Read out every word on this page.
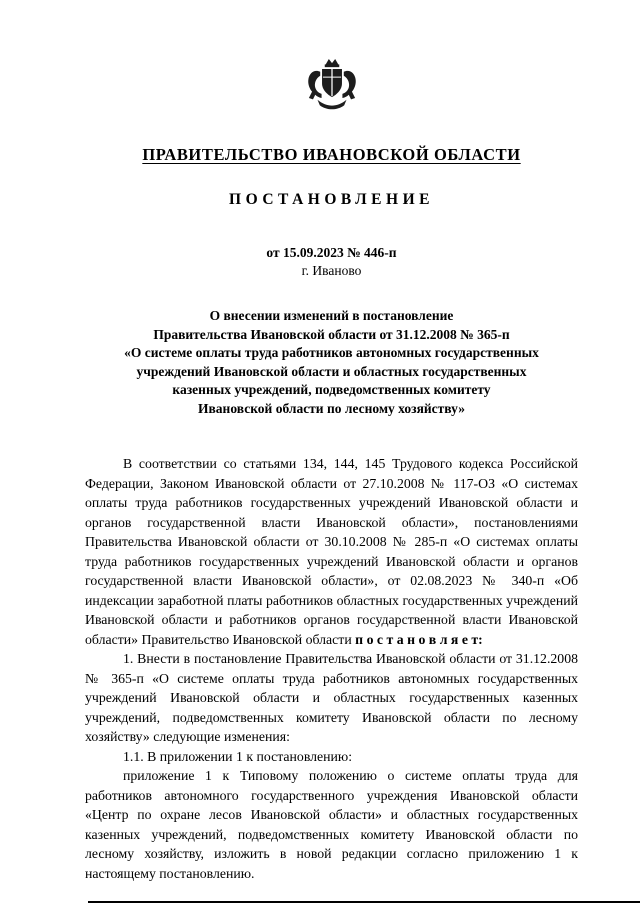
ПРАВИТЕЛЬСТВО ИВАНОВСКОЙ ОБЛАСТИ
ПОСТАНОВЛЕНИЕ
от 15.09.2023 № 446-п
г. Иваново
О внесении изменений в постановление
Правительства Ивановской области от 31.12.2008 № 365-п
«О системе оплаты труда работников автономных государственных
учреждений Ивановской области и областных государственных
казенных учреждений, подведомственных комитету
Ивановской области по лесному хозяйству»

В соответствии со статьями 134, 144, 145 Трудового кодекса Российской Федерации, Законом Ивановской области от 27.10.2008 № 117-ОЗ «О системах оплаты труда работников государственных учреждений Ивановской области и органов государственной власти Ивановской области», постановлениями Правительства Ивановской области от 30.10.2008 № 285-п «О системах оплаты труда работников государственных учреждений Ивановской области и органов государственной власти Ивановской области», от 02.08.2023 № 340-п «Об индексации заработной платы работников областных государственных учреждений Ивановской области и работников органов государственной власти Ивановской области» Правительство Ивановской области п о с т а н о в л я е т:

1. Внести в постановление Правительства Ивановской области от 31.12.2008 № 365-п «О системе оплаты труда работников автономных государственных учреждений Ивановской области и областных государственных казенных учреждений, подведомственных комитету Ивановской области по лесному хозяйству» следующие изменения:

1.1. В приложении 1 к постановлению:

приложение 1 к Типовому положению о системе оплаты труда для работников автономного государственного учреждения Ивановской области «Центр по охране лесов Ивановской области» и областных государственных казенных учреждений, подведомственных комитету Ивановской области по лесному хозяйству, изложить в новой редакции согласно приложению 1 к настоящему постановлению.
